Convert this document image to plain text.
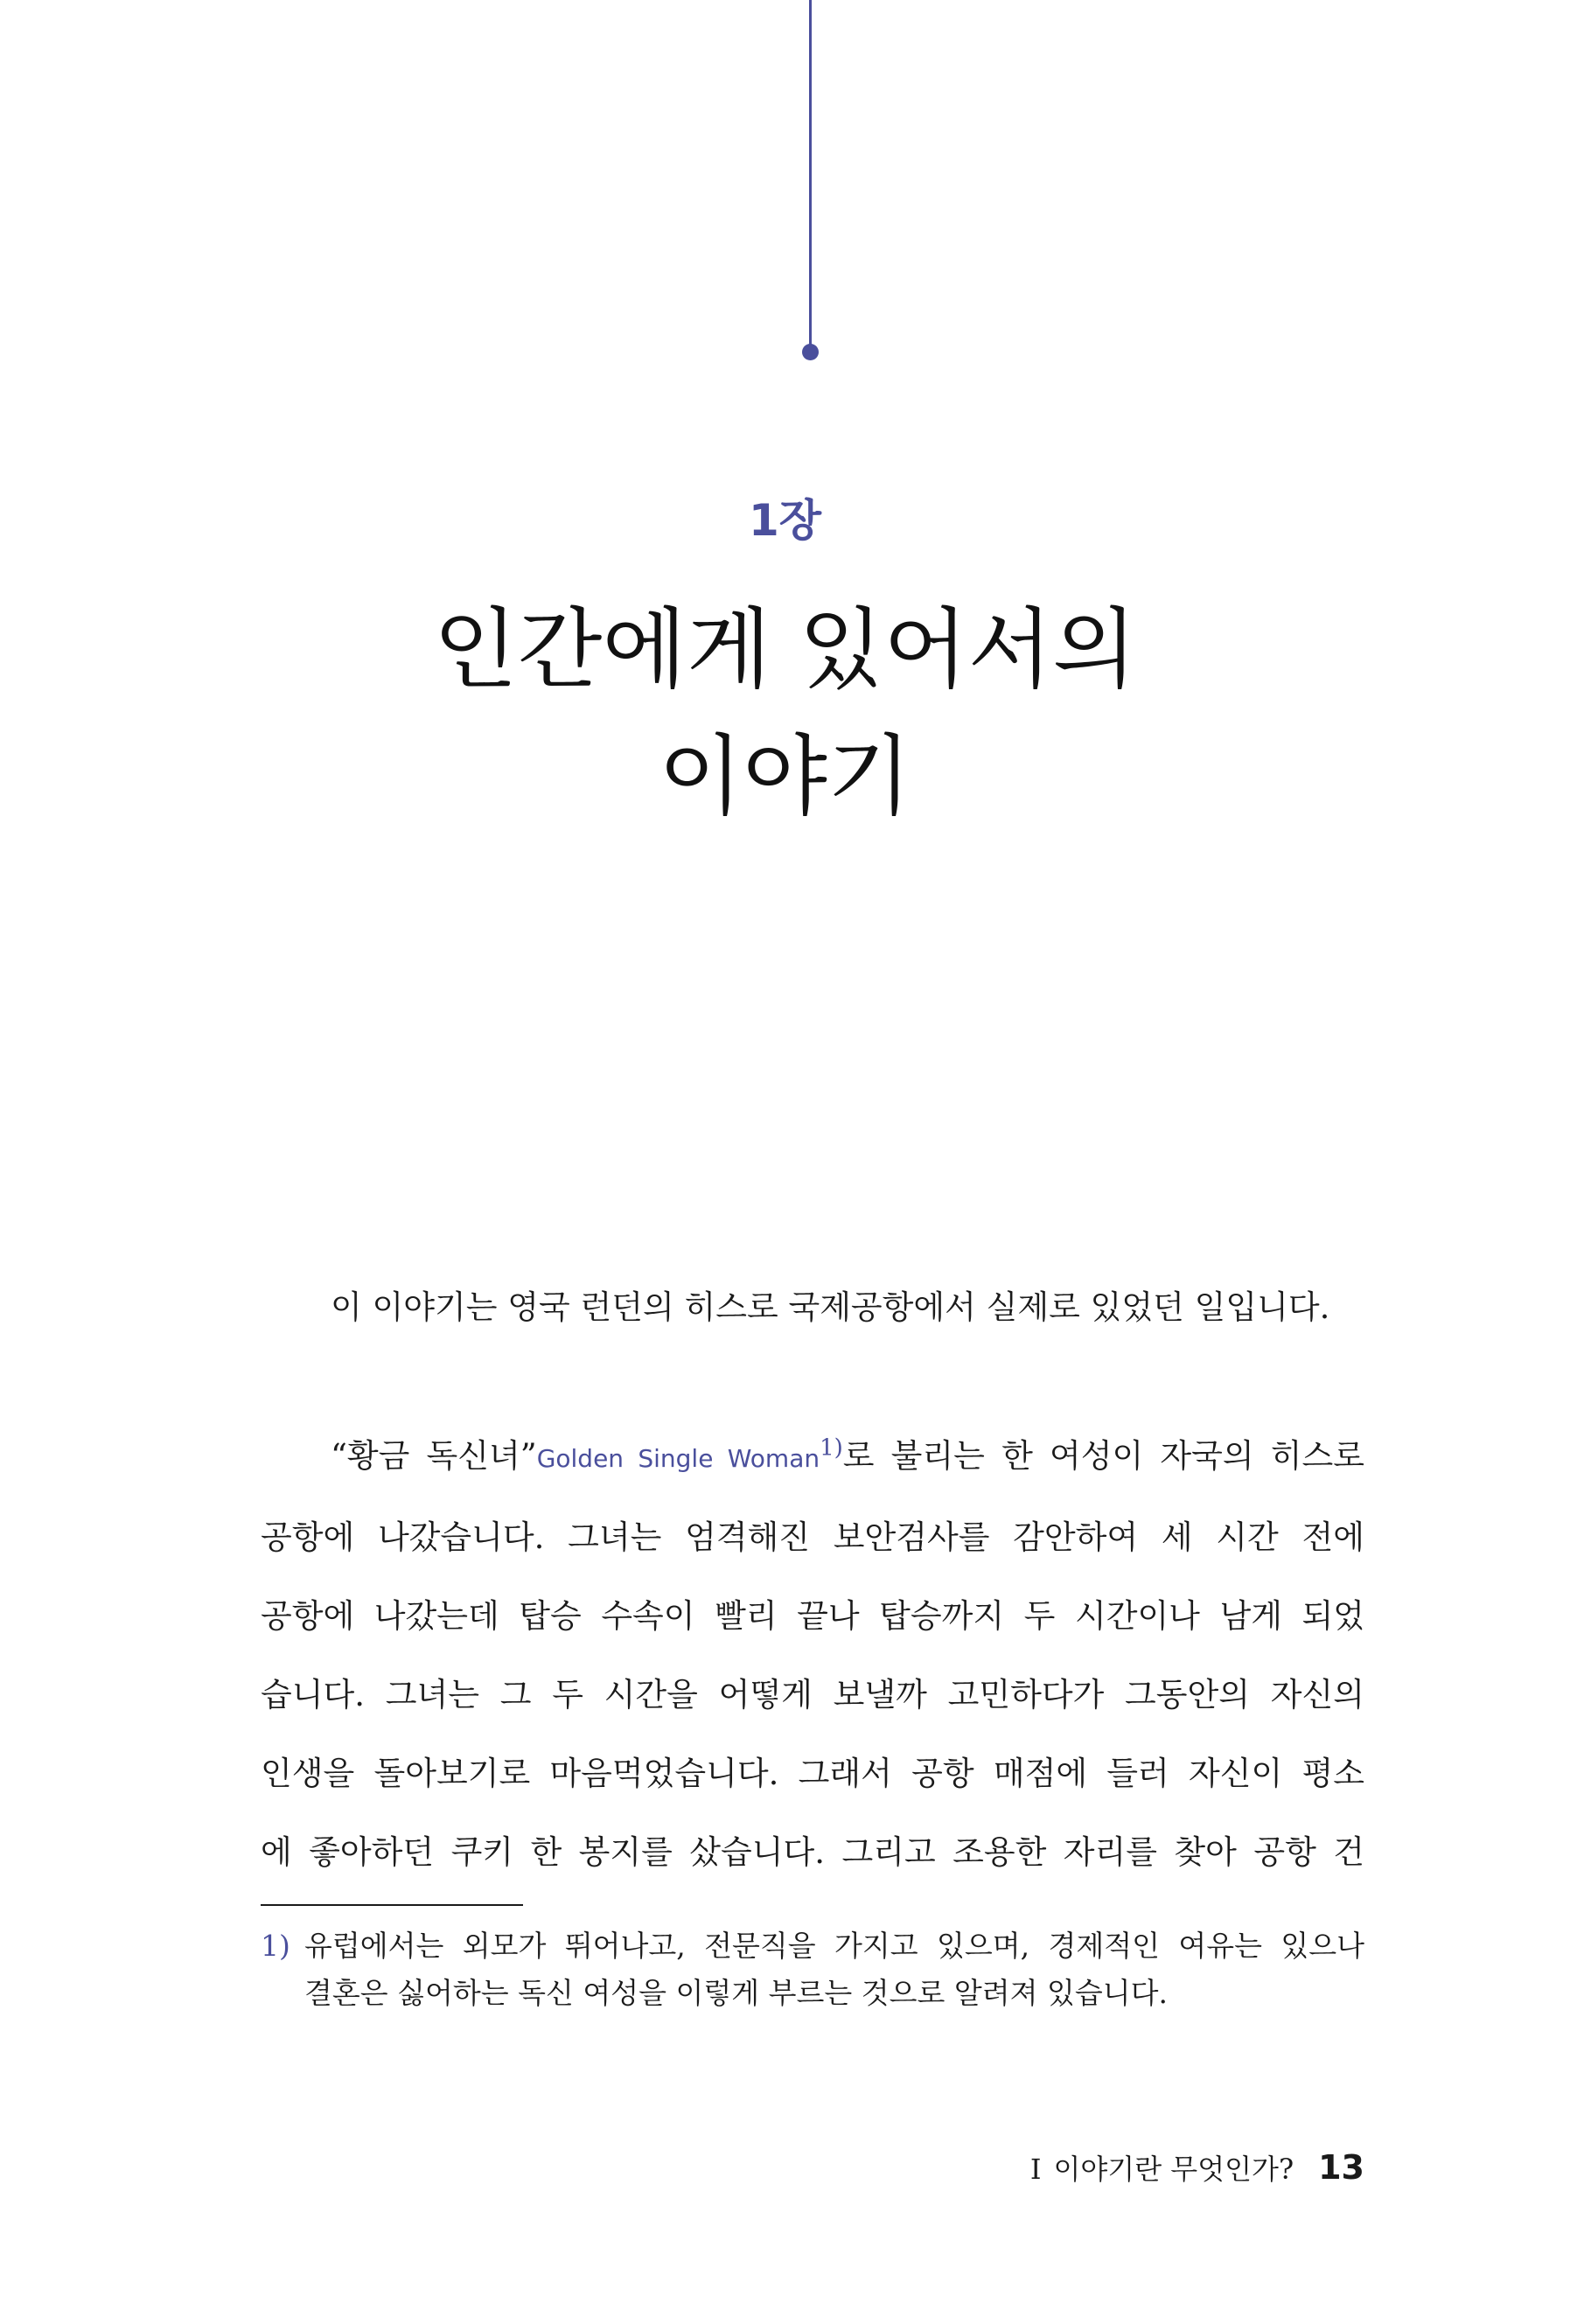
1장
인간에게 있어서의
이야기
이 이야기는 영국 런던의 히스로 국제공항에서 실제로 있었던 일입니다.
“황금 독신녀”Golden Single Woman$^{1)}$로 불리는 한 여성이 자국의 히스로
공항에 나갔습니다. 그녀는 엄격해진 보안검사를 감안하여 세 시간 전에
공항에 나갔는데 탑승 수속이 빨리 끝나 탑승까지 두 시간이나 남게 되었
습니다. 그녀는 그 두 시간을 어떻게 보낼까 고민하다가 그동안의 자신의
인생을 돌아보기로 마음먹었습니다. 그래서 공항 매점에 들러 자신이 평소
에 좋아하던 쿠키 한 봉지를 샀습니다. 그리고 조용한 자리를 찾아 공항 건
1) 유럽에서는 외모가 뛰어나고, 전문직을 가지고 있으며, 경제적인 여유는 있으나
결혼은 싫어하는 독신 여성을 이렇게 부르는 것으로 알려져 있습니다.
I 이야기란 무엇인가? 13
